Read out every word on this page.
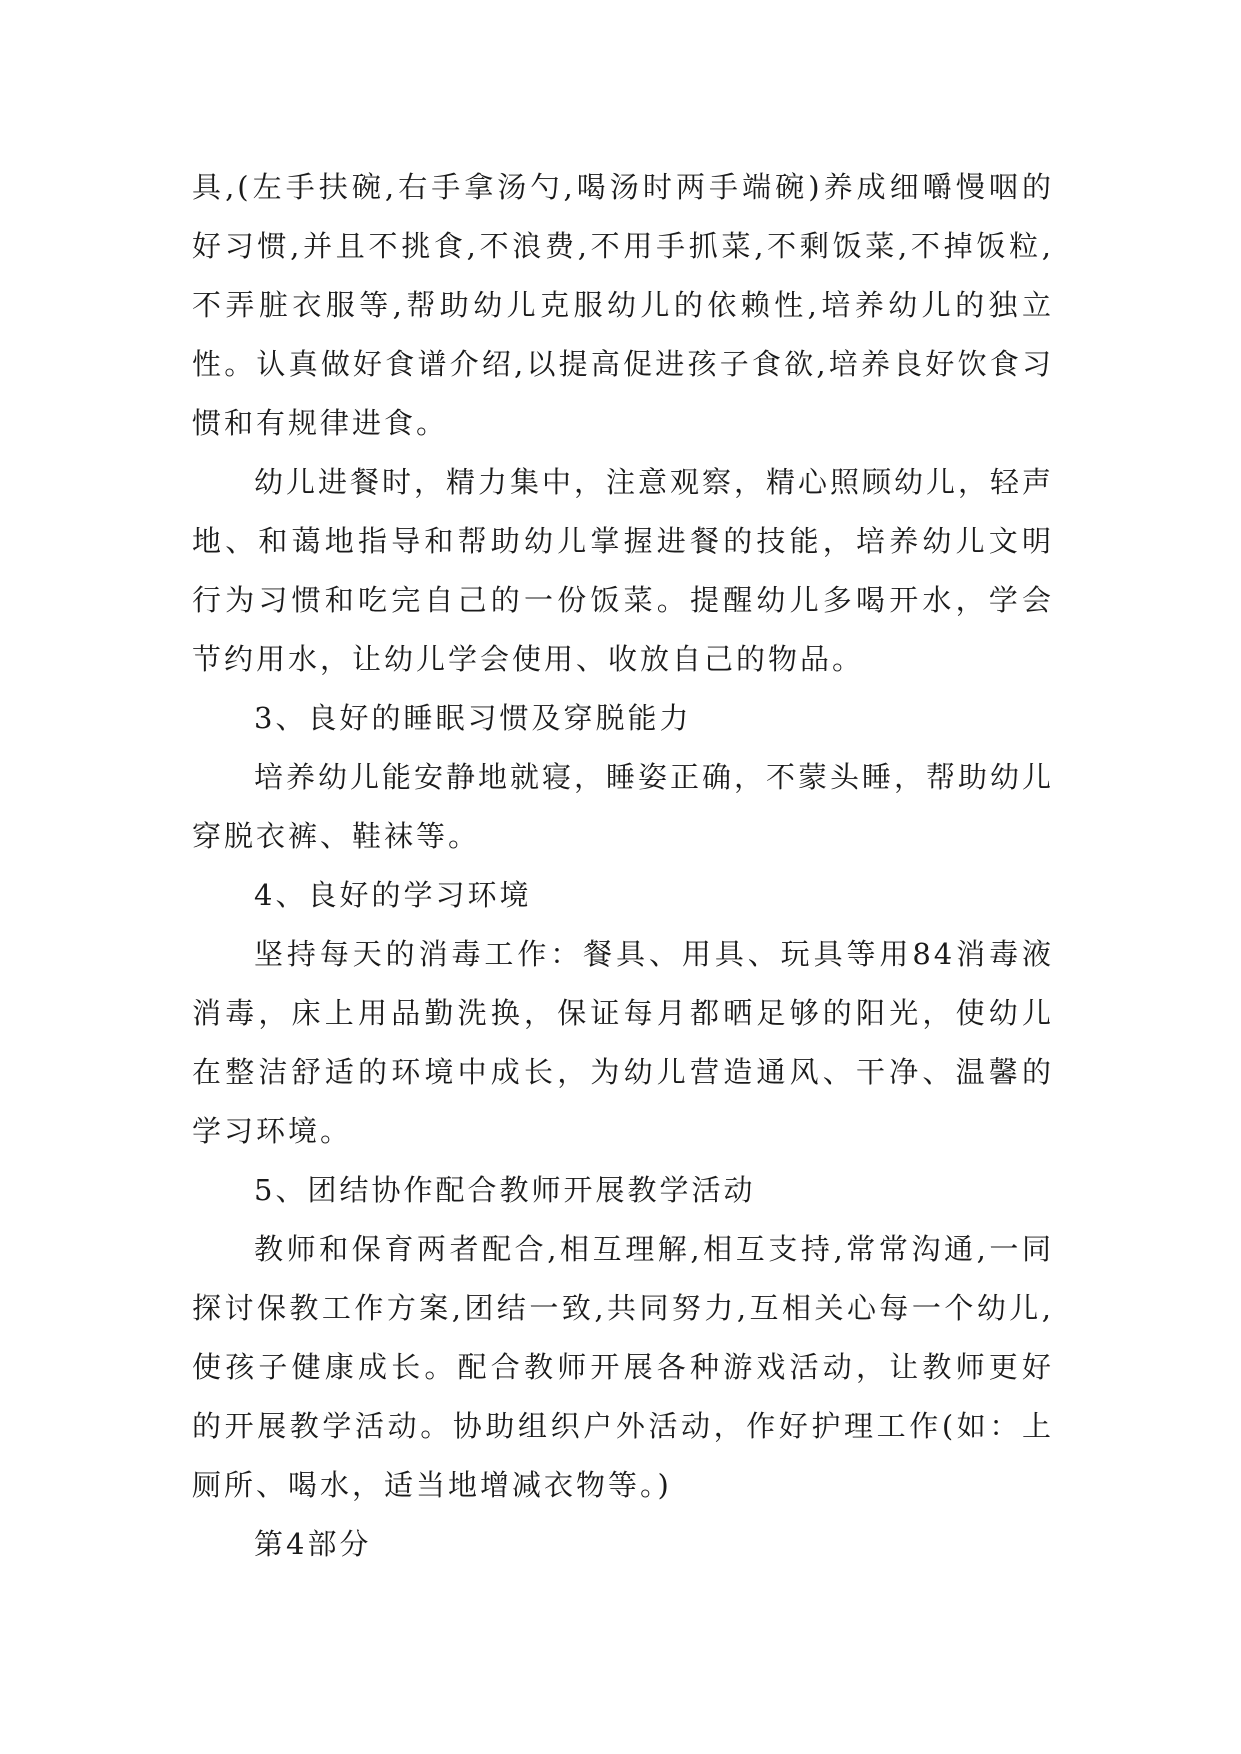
具,(左手扶碗,右手拿汤勺,喝汤时两手端碗)养成细嚼慢咽的好习惯,并且不挑食,不浪费,不用手抓菜,不剩饭菜,不掉饭粒,不弄脏衣服等,帮助幼儿克服幼儿的依赖性,培养幼儿的独立性。认真做好食谱介绍,以提高促进孩子食欲,培养良好饮食习惯和有规律进食。

幼儿进餐时，精力集中，注意观察，精心照顾幼儿，轻声地、和蔼地指导和帮助幼儿掌握进餐的技能，培养幼儿文明行为习惯和吃完自己的一份饭菜。提醒幼儿多喝开水，学会节约用水，让幼儿学会使用、收放自己的物品。

3、良好的睡眠习惯及穿脱能力

培养幼儿能安静地就寝，睡姿正确，不蒙头睡，帮助幼儿穿脱衣裤、鞋袜等。

4、良好的学习环境

坚持每天的消毒工作：餐具、用具、玩具等用84消毒液消毒，床上用品勤洗换，保证每月都晒足够的阳光，使幼儿在整洁舒适的环境中成长，为幼儿营造通风、干净、温馨的学习环境。

5、团结协作配合教师开展教学活动

教师和保育两者配合,相互理解,相互支持,常常沟通,一同探讨保教工作方案,团结一致,共同努力,互相关心每一个幼儿,使孩子健康成长。配合教师开展各种游戏活动，让教师更好的开展教学活动。协助组织户外活动，作好护理工作(如：上厕所、喝水，适当地增减衣物等。)

第4部分
